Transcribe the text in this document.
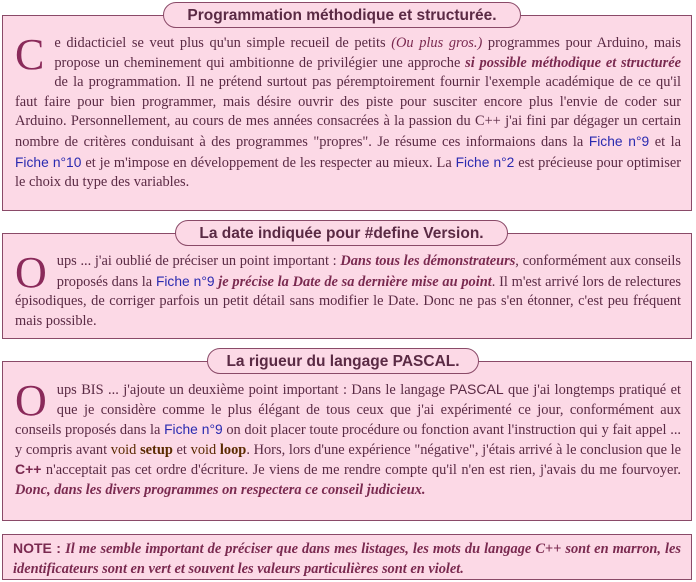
Ce didacticiel se veut plus qu'un simple recueil de petits (Ou plus gros.) programmes pour Arduino, mais propose un cheminement qui ambitionne de privilégier une approche si possible méthodique et structurée de la programmation. Il ne prétend surtout pas péremptoirement fournir l'exemple académique de ce qu'il faut faire pour bien programmer, mais désire ouvrir des piste pour susciter encore plus l'envie de coder sur Arduino. Personnellement, au cours de mes années consacrées à la passion du C++ j'ai fini par dégager un certain nombre de critères conduisant à des programmes "propres". Je résume ces informaions dans la Fiche n°9 et la Fiche n°10 et je m'impose en développement de les respecter au mieux. La Fiche n°2 est précieuse pour optimiser le choix du type des variables.

Programmation méthodique et structurée.

Oups ... j'ai oublié de préciser un point important : Dans tous les démonstrateurs, conformément aux conseils proposés dans la Fiche n°9 je précise la Date de sa dernière mise au point. Il m'est arrivé lors de relectures épisodiques, de corriger parfois un petit détail sans modifier le Date. Donc ne pas s'en étonner, c'est peu fréquent mais possible.

La date indiquée pour #define Version.

Oups BIS ... j'ajoute un deuxième point important : Dans le langage PASCAL que j'ai longtemps pratiqué et que je considère comme le plus élégant de tous ceux que j'ai expérimenté ce jour, conformément aux conseils proposés dans la Fiche n°9 on doit placer toute procédure ou fonction avant l'instruction qui y fait appel ... y compris avant void setup et void loop. Hors, lors d'une expérience "négative", j'étais arrivé à le conclusion que le C++ n'acceptait pas cet ordre d'écriture. Je viens de me rendre compte qu'il n'en est rien, j'avais du me fourvoyer. Donc, dans les divers programmes on respectera ce conseil judicieux.

La rigueur du langage PASCAL.

NOTE : Il me semble important de préciser que dans mes listages, les mots du langage C++ sont en marron, les identificateurs sont en vert et souvent les valeurs particulières sont en violet.
